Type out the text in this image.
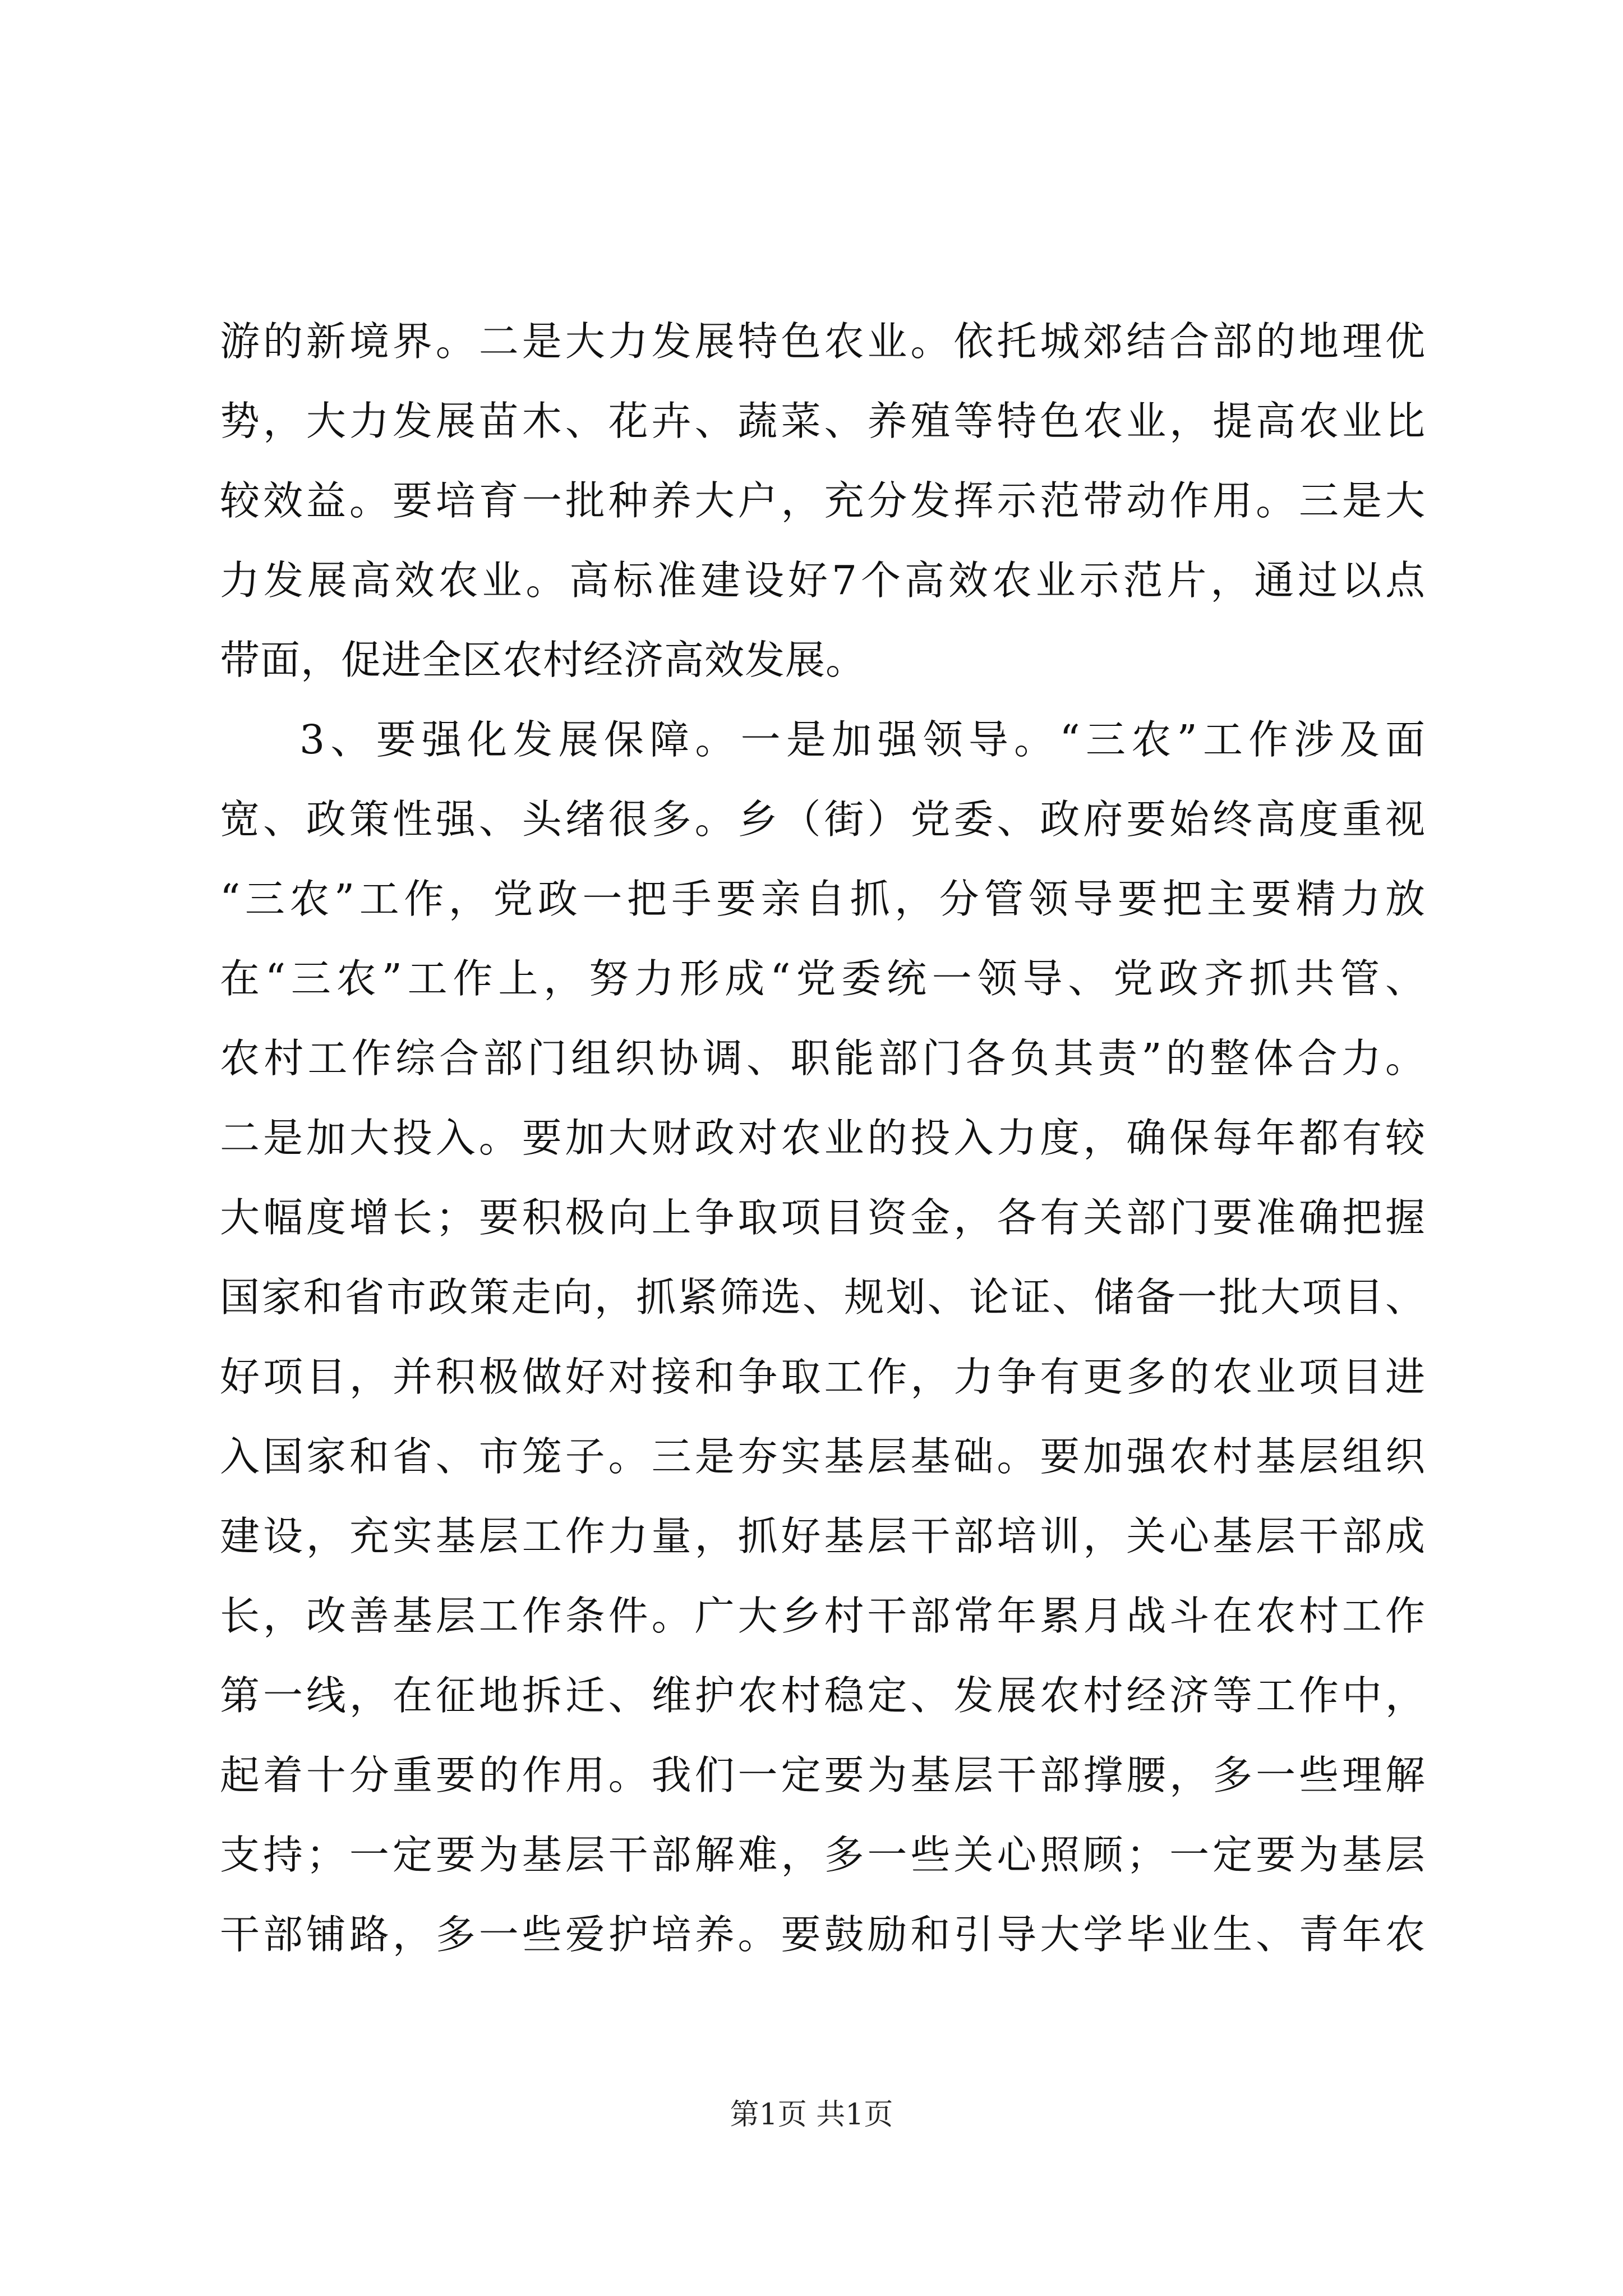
游的新境界。二是大力发展特色农业。依托城郊结合部的地理优
势，大力发展苗木、花卉、蔬菜、养殖等特色农业，提高农业比
较效益。要培育一批种养大户，充分发挥示范带动作用。三是大
力发展高效农业。高标准建设好7个高效农业示范片，通过以点
带面，促进全区农村经济高效发展。
3、要强化发展保障。一是加强领导。“三农”工作涉及面
宽、政策性强、头绪很多。乡（街）党委、政府要始终高度重视
“三农”工作，党政一把手要亲自抓，分管领导要把主要精力放
在“三农”工作上，努力形成“党委统一领导、党政齐抓共管、
农村工作综合部门组织协调、职能部门各负其责”的整体合力。
二是加大投入。要加大财政对农业的投入力度，确保每年都有较
大幅度增长；要积极向上争取项目资金，各有关部门要准确把握
国家和省市政策走向，抓紧筛选、规划、论证、储备一批大项目、
好项目，并积极做好对接和争取工作，力争有更多的农业项目进
入国家和省、市笼子。三是夯实基层基础。要加强农村基层组织
建设，充实基层工作力量，抓好基层干部培训，关心基层干部成
长，改善基层工作条件。广大乡村干部常年累月战斗在农村工作
第一线，在征地拆迁、维护农村稳定、发展农村经济等工作中，
起着十分重要的作用。我们一定要为基层干部撑腰，多一些理解
支持；一定要为基层干部解难，多一些关心照顾；一定要为基层
干部铺路，多一些爱护培养。要鼓励和引导大学毕业生、青年农
第1页 共1页
